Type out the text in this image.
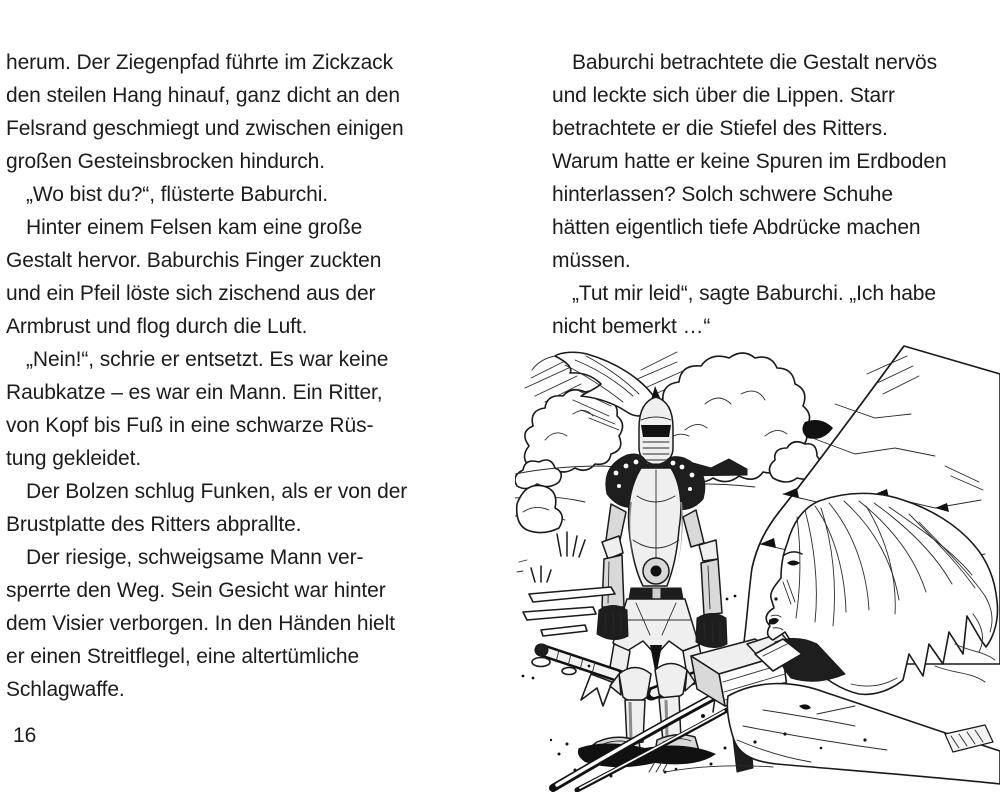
herum. Der Ziegenpfad führte im Zickzack
den steilen Hang hinauf, ganz dicht an den
Felsrand geschmiegt und zwischen einigen
großen Gesteinsbrocken hindurch.
„Wo bist du?“, flüsterte Baburchi.
Hinter einem Felsen kam eine große
Gestalt hervor. Baburchis Finger zuckten
und ein Pfeil löste sich zischend aus der
Armbrust und flog durch die Luft.
„Nein!“, schrie er entsetzt. Es war keine
Raubkatze – es war ein Mann. Ein Ritter,
von Kopf bis Fuß in eine schwarze Rüs-
tung gekleidet.
Der Bolzen schlug Funken, als er von der
Brustplatte des Ritters abprallte.
Der riesige, schweigsame Mann ver-
sperrte den Weg. Sein Gesicht war hinter
dem Visier verborgen. In den Händen hielt
er einen Streitflegel, eine altertümliche
Schlagwaffe.
Baburchi betrachtete die Gestalt nervös
und leckte sich über die Lippen. Starr
betrachtete er die Stiefel des Ritters.
Warum hatte er keine Spuren im Erdboden
hinterlassen? Solch schwere Schuhe
hätten eigentlich tiefe Abdrücke machen
müssen.
„Tut mir leid“, sagte Baburchi. „Ich habe
nicht bemerkt …“
16
